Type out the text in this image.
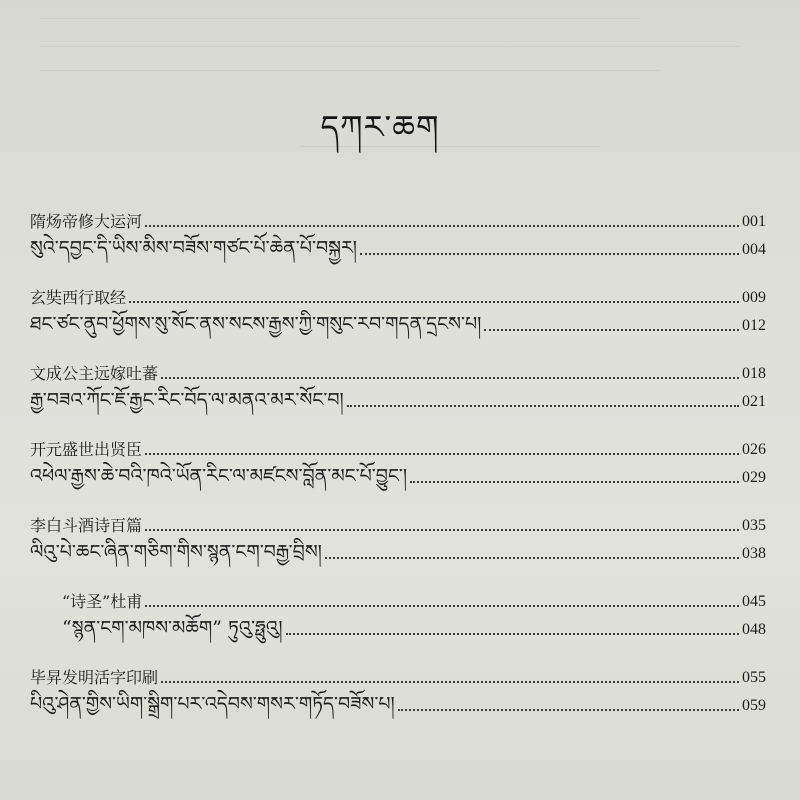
དཀར་ཆག
隋炀帝修大运河	001
སུའེ་དབྱང་དི་ཡིས་མིས་བཟོས་གཙང་པོ་ཆེན་པོ་བསྐྱར།	004
玄奘西行取经	009
ཐང་ཙང་ནུབ་ཕྱོགས་སུ་སོང་ནས་སངས་རྒྱས་ཀྱི་གསུང་རབ་གདན་དྲངས་པ།	012
文成公主远嫁吐蕃	018
རྒྱ་བཟའ་ཀོང་ཇོ་རྒྱང་རིང་བོད་ལ་མནའ་མར་སོང་བ།	021
开元盛世出贤臣	026
འཕེལ་རྒྱས་ཆེ་བའི་ཁའེ་ཡོན་རིང་ལ་མཛངས་བློན་མང་པོ་བྱུང་།	029
李白斗酒诗百篇	035
ལིའུ་པེ་ཆང་ཞིན་གཅིག་གིས་སྙན་ངག་བརྒྱ་བྲིས།	038
“诗圣”杜甫	045
“སྙན་ངག་མཁས་མཆོག” ཏུའུ་ཧྥུའུ།	048
毕昇发明活字印刷	055
པིའུ་ཤེན་གྱིས་ཡིག་སྒྲིག་པར་འདེབས་གསར་གཏོད་བཟོས་པ།	059
